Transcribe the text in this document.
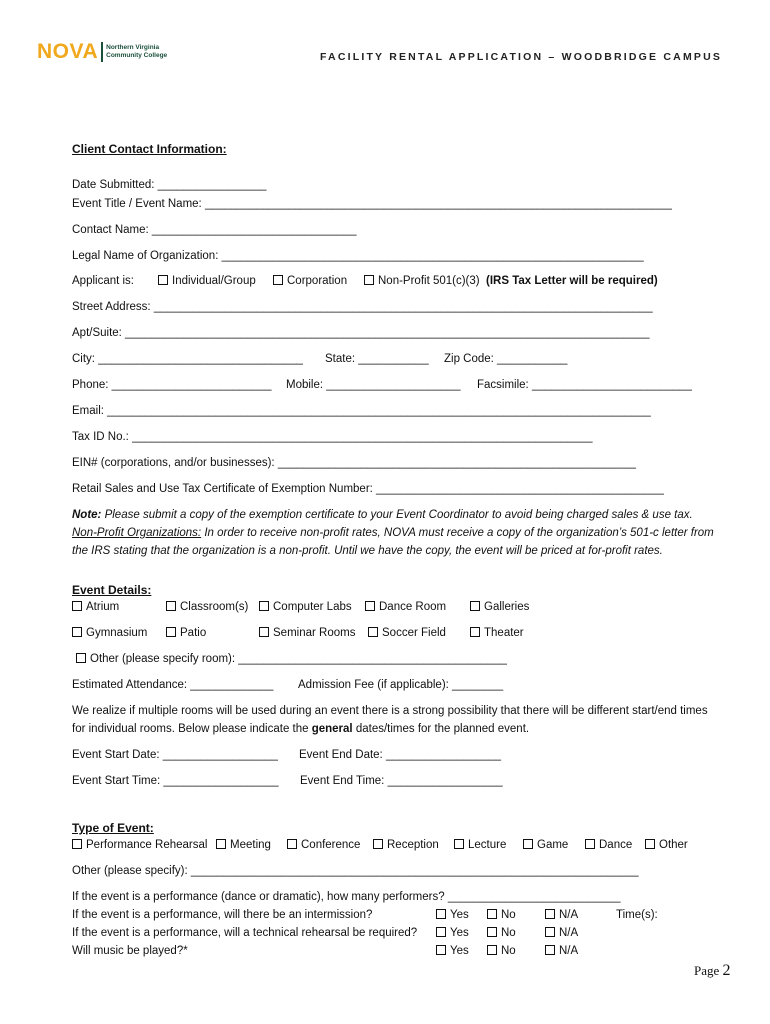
NOVA Northern Virginia
Community College	FACILITY RENTAL APPLICATION – WOODBRIDGE CAMPUS
Client Contact Information:
Date Submitted: _________________
Event Title / Event Name: _________________________________________________________________________
Contact Name: ________________________________
Legal Name of Organization: __________________________________________________________________
Applicant is:	Individual/Group	Corporation	Non-Profit 501(c)(3) (IRS Tax Letter will be required)
Street Address: ______________________________________________________________________________
Apt/Suite: __________________________________________________________________________________
City: ________________________________ State: ___________ Zip Code: ___________
Phone: _________________________ Mobile: _____________________ Facsimile: _________________________
Email: _____________________________________________________________________________________
Tax ID No.: ________________________________________________________________________
EIN# (corporations, and/or businesses): ________________________________________________________
Retail Sales and Use Tax Certificate of Exemption Number: _____________________________________________
Note: Please submit a copy of the exemption certificate to your Event Coordinator to avoid being charged sales & use tax.
Non-Profit Organizations: In order to receive non-profit rates, NOVA must receive a copy of the organization’s 501-c letter from
the IRS stating that the organization is a non-profit. Until we have the copy, the event will be priced at for-profit rates.
Event Details:
Atrium	Classroom(s)	Computer Labs	Dance Room	Galleries
Gymnasium	Patio	Seminar Rooms	Soccer Field	Theater
Other (please specify room): __________________________________________
Estimated Attendance: _____________ Admission Fee (if applicable): ________
We realize if multiple rooms will be used during an event there is a strong possibility that there will be different start/end times
for individual rooms. Below please indicate the general dates/times for the planned event.
Event Start Date: __________________ Event End Date: __________________
Event Start Time: __________________ Event End Time: __________________
Type of Event:
Performance Rehearsal	Meeting	Conference	Reception	Lecture	Game	Dance	Other
Other (please specify): ______________________________________________________________________
If the event is a performance (dance or dramatic), how many performers? ___________________________
If the event is a performance, will there be an intermission?	Yes	No	N/A	Time(s):
If the event is a performance, will a technical rehearsal be required?	Yes	No	N/A
Will music be played?*	Yes	No	N/A
Page 2
